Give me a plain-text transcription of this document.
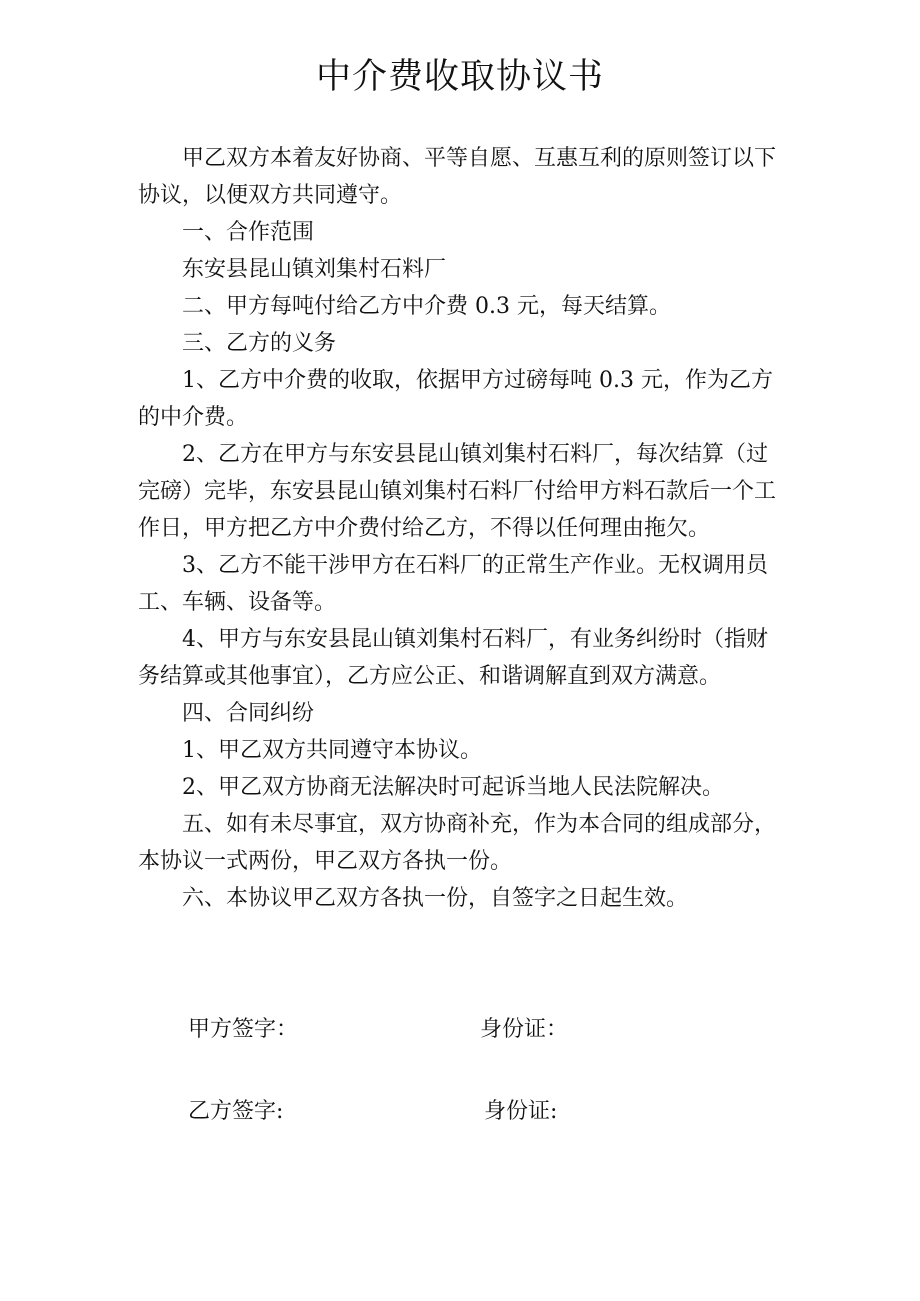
中介费收取协议书

甲乙双方本着友好协商、平等自愿、互惠互利的原则签订以下协议，以便双方共同遵守。

一、合作范围

东安县昆山镇刘集村石料厂

二、甲方每吨付给乙方中介费 0.3 元，每天结算。

三、乙方的义务

1、乙方中介费的收取，依据甲方过磅每吨 0.3 元，作为乙方的中介费。

2、乙方在甲方与东安县昆山镇刘集村石料厂，每次结算（过完磅）完毕，东安县昆山镇刘集村石料厂付给甲方料石款后一个工作日，甲方把乙方中介费付给乙方，不得以任何理由拖欠。

3、乙方不能干涉甲方在石料厂的正常生产作业。无权调用员工、车辆、设备等。

4、甲方与东安县昆山镇刘集村石料厂，有业务纠纷时（指财务结算或其他事宜），乙方应公正、和谐调解直到双方满意。

四、合同纠纷

1、甲乙双方共同遵守本协议。

2、甲乙双方协商无法解决时可起诉当地人民法院解决。

五、如有未尽事宜，双方协商补充，作为本合同的组成部分，本协议一式两份，甲乙双方各执一份。

六、本协议甲乙双方各执一份，自签字之日起生效。

甲方签字：	身份证：
乙方签字:	身份证:
